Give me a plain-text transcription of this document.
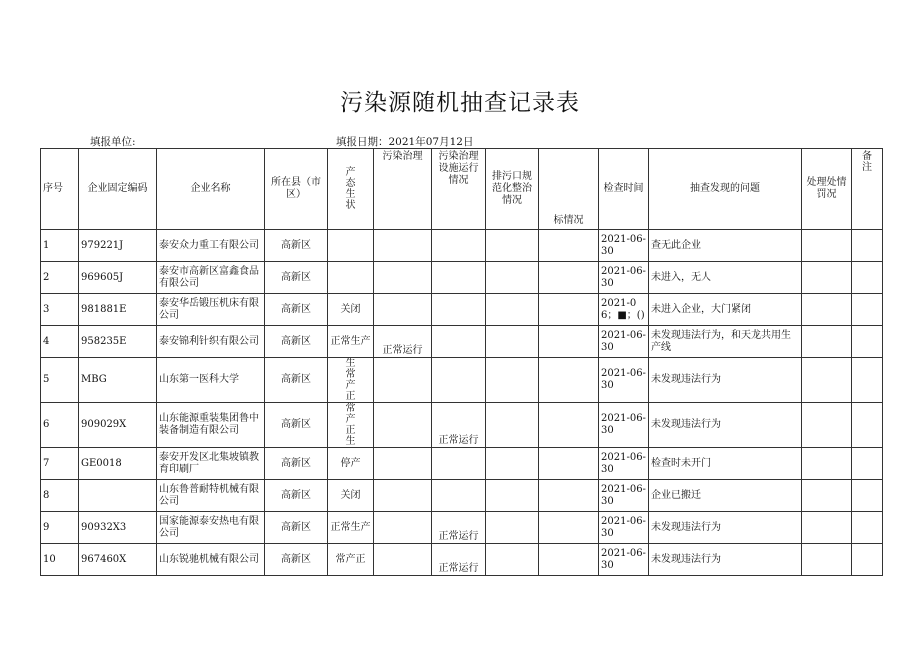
污染源随机抽查记录表
填报单位:	填报日期：2021年07月12日
序号	企业固定编码	企业名称	所在县（市区）	产态生状	污染治理	污染治理设施运行情况	排污口规范化整治情况	标情况	检查时间	抽查发现的问题	处理处情罚况	备注

1	979221J	泰安众力重工有限公司	高新区						2021-06-30	查无此企业		
2	969605J	泰安市高新区富鑫食品有限公司	高新区						2021-06-30	未进入，无人		
3	981881E	泰安华岳锻压机床有限公司	高新区	关闭					2021-06；■；()	未进入企业，大门紧闭		
4	958235E	泰安锦利针织有限公司	高新区	正常生产	正常运行				2021-06-30	未发现违法行为，和天龙共用生产线		
5	MBG	山东第一医科大学	高新区	生常产正					2021-06-30	未发现违法行为		
6	909029X	山东能源重装集团鲁中装备制造有限公司	高新区	常产正生		正常运行			2021-06-30	未发现违法行为		
7	GE0018	泰安开发区北集坡镇教育印刷厂	高新区	停产					2021-06-30	检查时未开门		
8		山东鲁普耐特机械有限公司	高新区	关闭					2021-06-30	企业已搬迁		
9	90932X3	国家能源泰安热电有限公司	高新区	正常生产		正常运行			2021-06-30	未发现违法行为		
10	967460X	山东锐驰机械有限公司	高新区	常产正		正常运行			2021-06-30	未发现违法行为		
